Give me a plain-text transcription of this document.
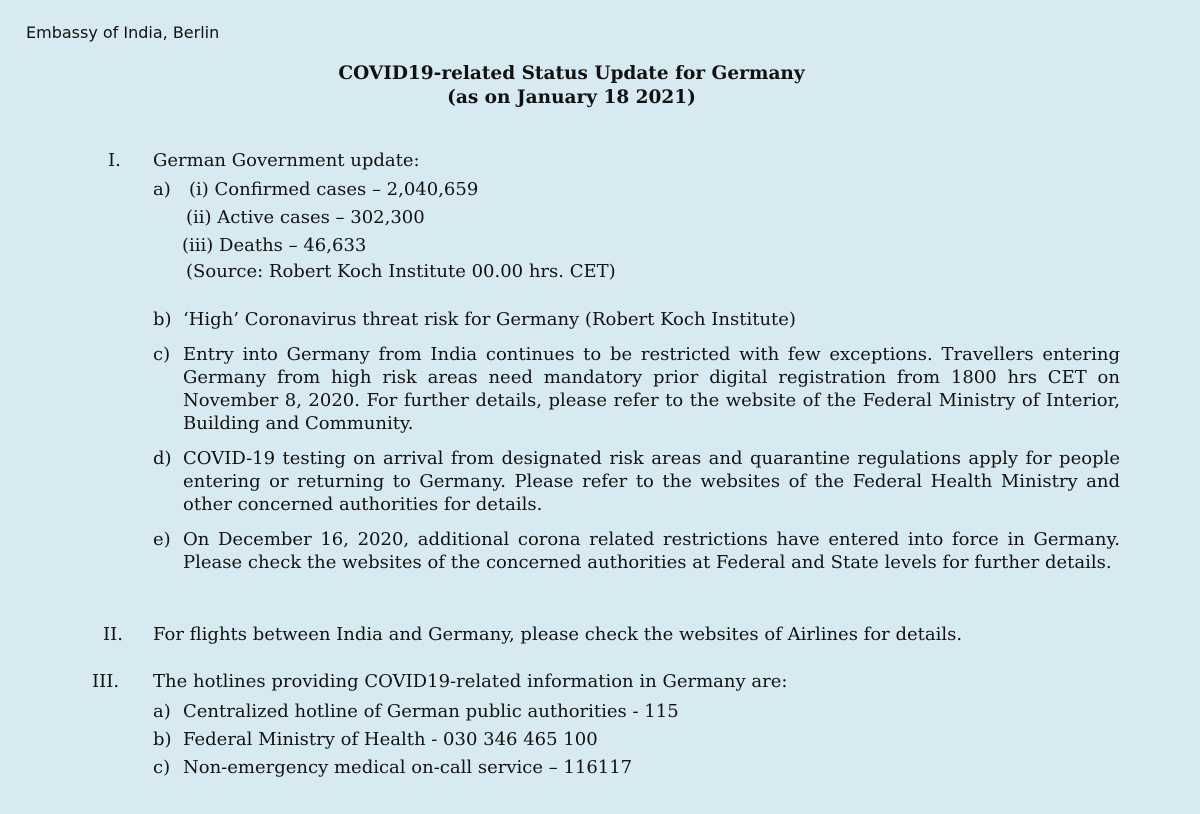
Embassy of India, Berlin
COVID19-related Status Update for Germany
(as on January 18 2021)
I. German Government update:
a) (i) Confirmed cases – 2,040,659
(ii) Active cases – 302,300
(iii) Deaths – 46,633
(Source: Robert Koch Institute 00.00 hrs. CET)
b) ‘High’ Coronavirus threat risk for Germany (Robert Koch Institute)
c) Entry into Germany from India continues to be restricted with few exceptions. Travellers entering Germany from high risk areas need mandatory prior digital registration from 1800 hrs CET on November 8, 2020. For further details, please refer to the website of the Federal Ministry of Interior, Building and Community.
d) COVID-19 testing on arrival from designated risk areas and quarantine regulations apply for people entering or returning to Germany. Please refer to the websites of the Federal Health Ministry and other concerned authorities for details.
e) On December 16, 2020, additional corona related restrictions have entered into force in Germany. Please check the websites of the concerned authorities at Federal and State levels for further details.
II. For flights between India and Germany, please check the websites of Airlines for details.
III. The hotlines providing COVID19-related information in Germany are:
a) Centralized hotline of German public authorities - 115
b) Federal Ministry of Health - 030 346 465 100
c) Non-emergency medical on-call service – 116117
